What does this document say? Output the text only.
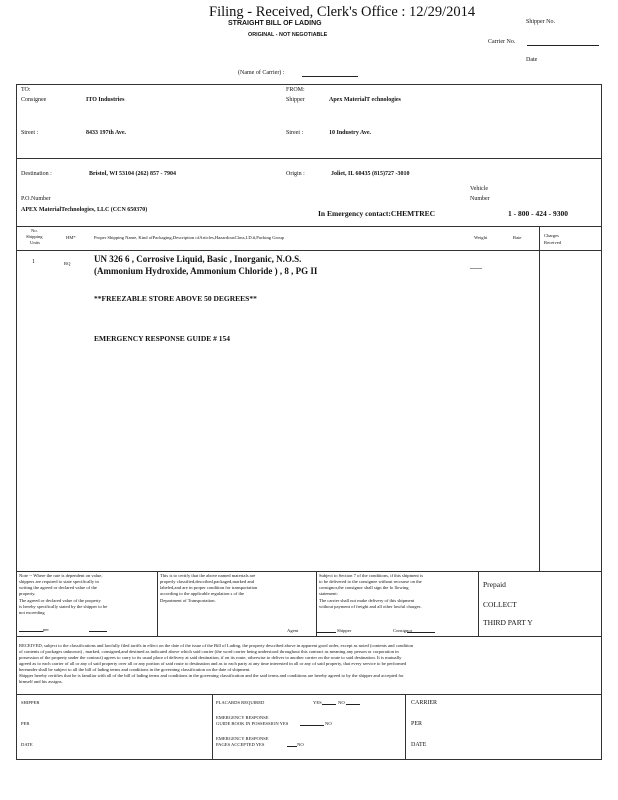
Filing - Received, Clerk's Office : 12/29/2014
STRAIGHT BILL OF LADING
ORIGINAL - NOT NEGOTIABLE
Shipper No.
Carrier No.
Date
(Name of Carrier) :
TO:
Consignee	ITO Industries
Street :	8433 197th Ave.
FROM:
Shipper	Apex MaterialT echnologies
Street :	10 Industry Ave.
Destination :	Bristol, WI 53104 (262) 857 - 7904	Origin :	Joliet, IL 60435 (815)727 -3010
Vehicle
Number
P.O.Number
APEX MaterialTechnologies, LLC (CCN 650370)	In Emergency contact:CHEMTREC	1 - 800 - 424 - 9300
No.
Shipping
Units
HM*	Proper Shipping Name, Kind ofPackaging,Description ofArticles,HazardousClass,I.D.#,Packing Group	Weight	Rate	Charges
Received
1	RQ	UN 326 6 , Corrosive Liquid, Basic , Inorganic, N.O.S.
(Ammonium Hydroxide, Ammonium Chloride ) , 8 , PG II	____
**FREEZABLE STORE ABOVE 50 DEGREES**
EMERGENCY RESPONSE GUIDE # 154
Note -- Where the rate is dependent on value,
shippers are required to state specifically in
writing the agreed or declared value of the
property.
The agreed or declared value of the property
is hereby specifically stated by the shipper to be
not exceeding
per
This is to certify that the above named materials are
properly classified,described,packaged,marked and
labeled,and are in proper condition for transportation
according to the applicable regulation s of the
Department of Transportation.
Agent
Subject to Section 7 of the conditions, if this shipment is
to be delivered to the consignee without recourse on the
consignor,the consignor shall sign the fo llowing
statement:
The carrier shall not make delivery of this shipment
without payment of freight and all other lawful charges.
Shipper	Consignor
Prepaid
COLLECT
THIRD PART Y
RECEIVED, subject to the classifications and lawfully filed tariffs in effect on the date of the issue of the Bill of Lading, the property described above in apparent good order, except as noted (contents and condition
of contents of packages unknown) , marked, consigned,and destined as indicated above which said carrier (the word carrier being understood throughout this contract as meaning any person or corporation in
possession of the property under the contract) agrees to carry to its usual place of delivery at said destination, if on its route, otherwise to deliver to another carrier on the route to said destination. It is mutually
agreed as to each carrier of all or any of said property over all or any portion of said route to destination and as to each party at any time interested in all or any of said property, that every service to be performed
hereunder shall be subject to all the bill of lading terms and conditions in the governing classification on the date of shipment.
Shipper hereby certifies that he is familiar with all of the bill of lading terms and conditions in the governing classification and the said terms and conditions are hereby agreed to by the shipper and accepted for
himself and his assigns.
SHIPPER
PER
DATE
PLACARDS REQUIRED	YES	NO
EMERGENCY RESPONSE
GUIDE BOOK IN POSSESSION YES	NO
EMERGENCY RESPONSE
PAGES ACCEPTED YES	NO
CARRIER
PER
DATE
